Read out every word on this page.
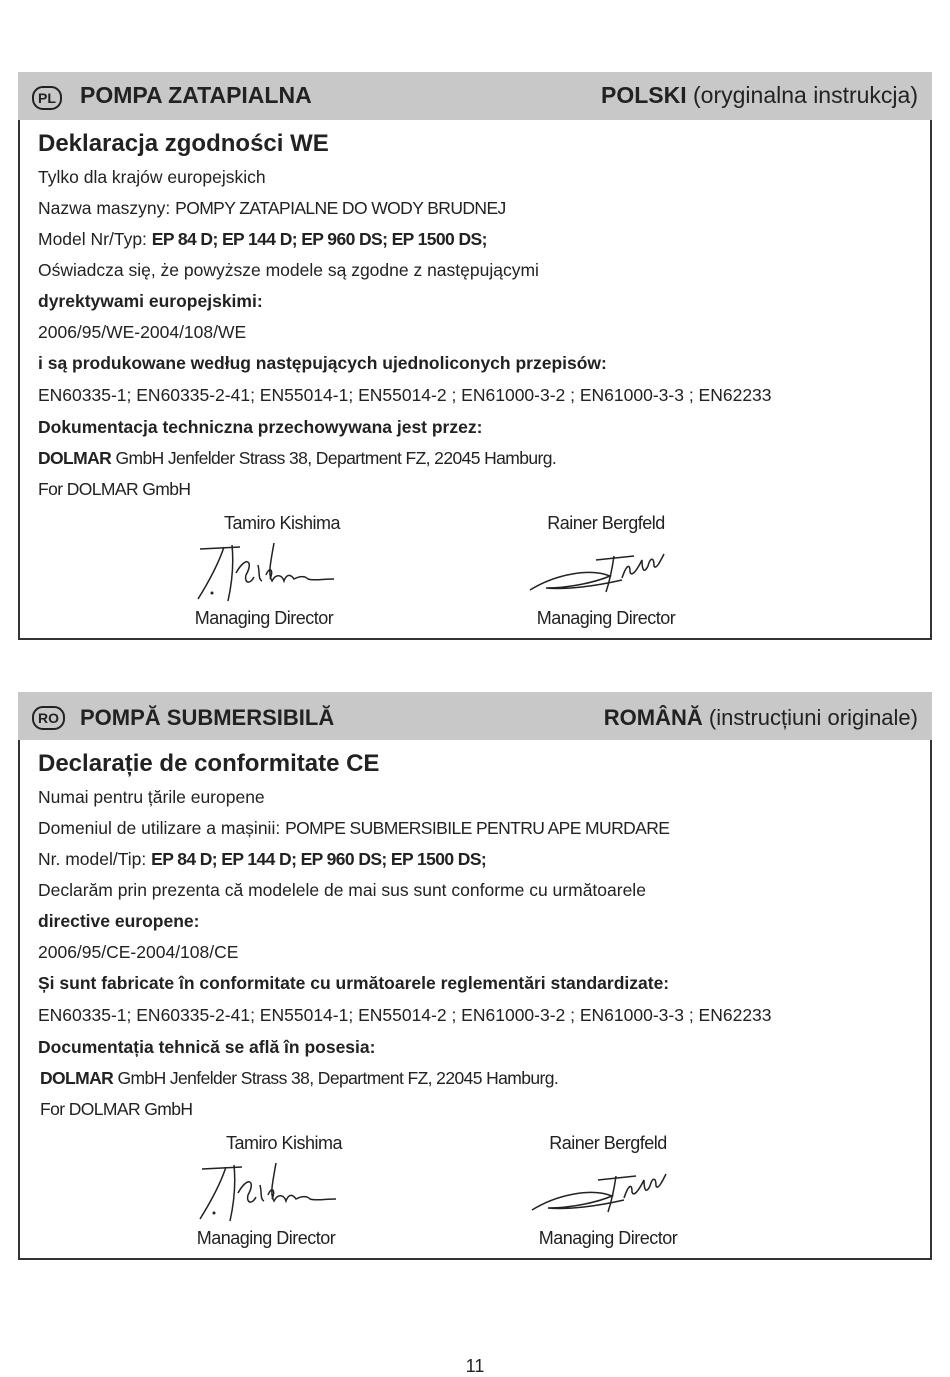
PL POMPA ZATAPIALNA	POLSKI (oryginalna instrukcja)
Deklaracja zgodności WE
Tylko dla krajów europejskich
Nazwa maszyny: POMPY ZATAPIALNE DO WODY BRUDNEJ
Model Nr/Typ: EP 84 D; EP 144 D; EP 960 DS; EP 1500 DS;
Oświadcza się, że powyższe modele są zgodne z następującymi
dyrektywami europejskimi:
2006/95/WE-2004/108/WE
i są produkowane według następujących ujednoliconych przepisów:
EN60335-1; EN60335-2-41; EN55014-1; EN55014-2 ; EN61000-3-2 ; EN61000-3-3 ; EN62233
Dokumentacja techniczna przechowywana jest przez:
DOLMAR GmbH Jenfelder Strass 38, Department FZ, 22045 Hamburg.
For DOLMAR GmbH
Tamiro Kishima
Managing Director
Rainer Bergfeld
Managing Director
RO POMPĂ SUBMERSIBILĂ	ROMÂNĂ (instrucțiuni originale)
Declarație de conformitate CE
Numai pentru țările europene
Domeniul de utilizare a mașinii: POMPE SUBMERSIBILE PENTRU APE MURDARE
Nr. model/Tip: EP 84 D; EP 144 D; EP 960 DS; EP 1500 DS;
Declarăm prin prezenta că modelele de mai sus sunt conforme cu următoarele
directive europene:
2006/95/CE-2004/108/CE
Și sunt fabricate în conformitate cu următoarele reglementări standardizate:
EN60335-1; EN60335-2-41; EN55014-1; EN55014-2 ; EN61000-3-2 ; EN61000-3-3 ; EN62233
Documentația tehnică se află în posesia:
DOLMAR GmbH Jenfelder Strass 38, Department FZ, 22045 Hamburg.
For DOLMAR GmbH
Tamiro Kishima
Managing Director
Rainer Bergfeld
Managing Director
11
